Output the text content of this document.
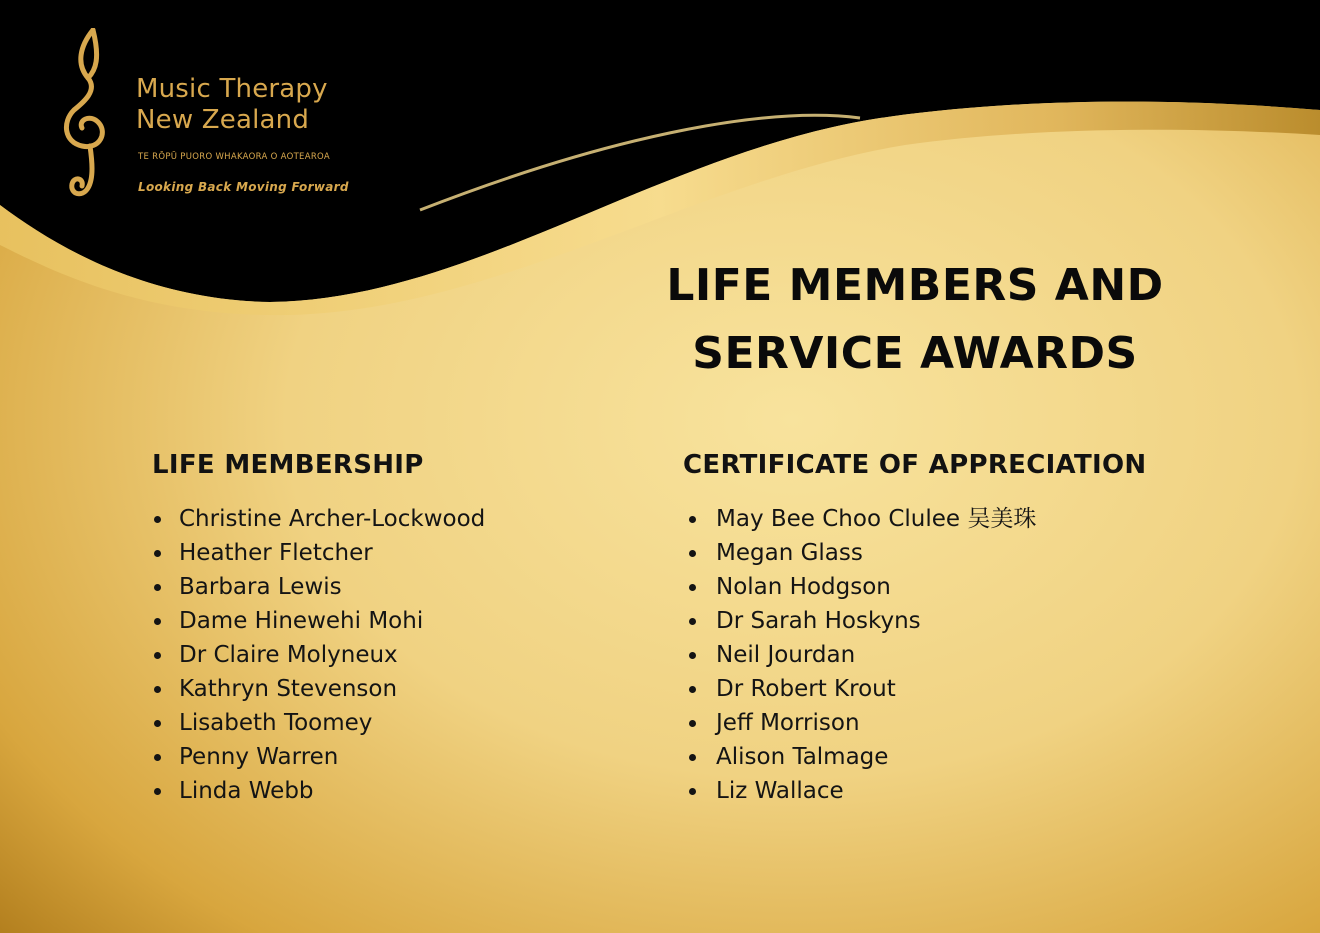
Music Therapy
New Zealand
TE RŌPŪ PUORO WHAKAORA O AOTEAROA
Looking Back Moving Forward
LIFE MEMBERS AND SERVICE AWARDS
LIFE MEMBERSHIP
Christine Archer-Lockwood
Heather Fletcher
Barbara Lewis
Dame Hinewehi Mohi
Dr Claire Molyneux
Kathryn Stevenson
Lisabeth Toomey
Penny Warren
Linda Webb
CERTIFICATE OF APPRECIATION
May Bee Choo Clulee 吴美珠
Megan Glass
Nolan Hodgson
Dr Sarah Hoskyns
Neil Jourdan
Dr Robert Krout
Jeff Morrison
Alison Talmage
Liz Wallace
